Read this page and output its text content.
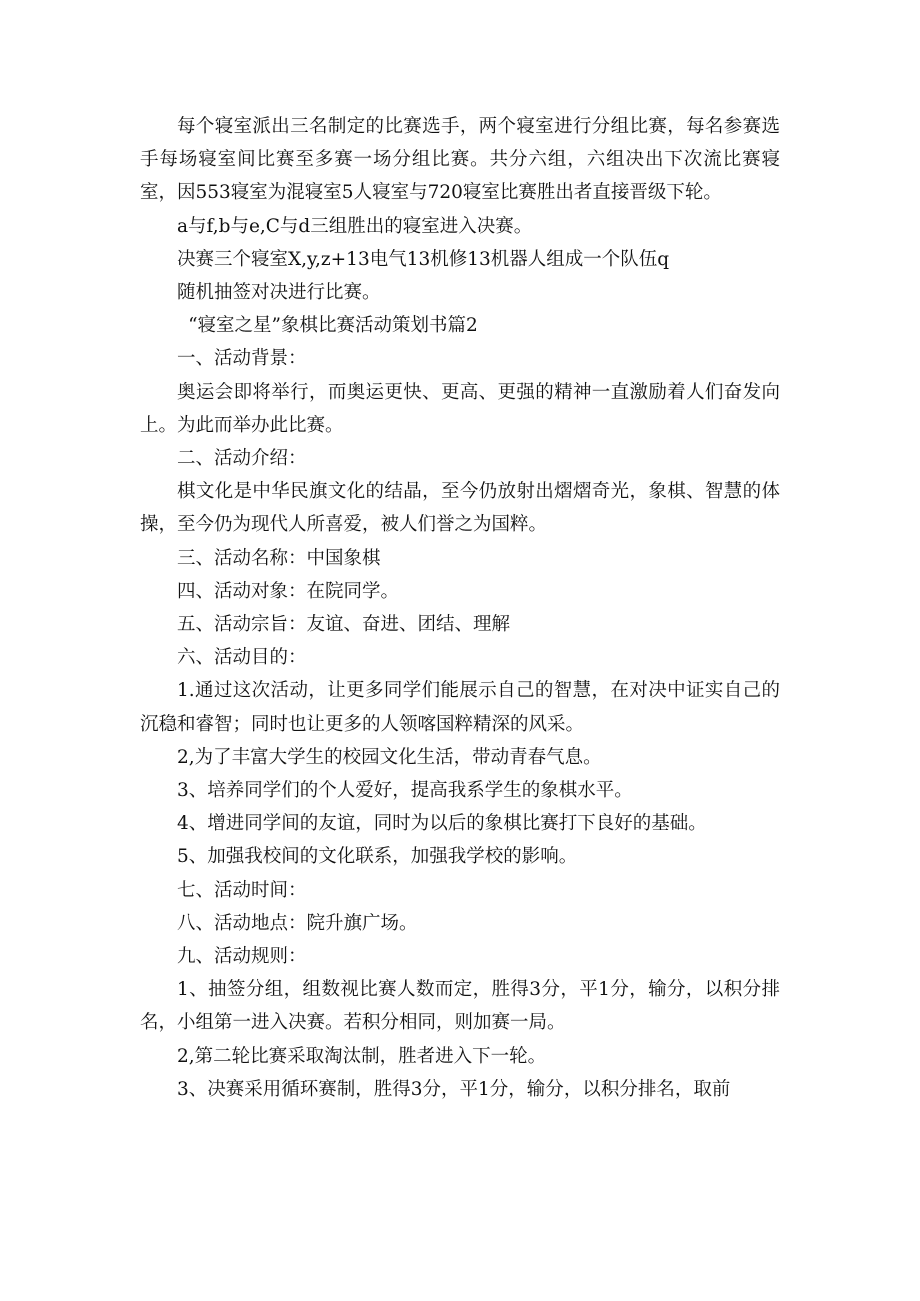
每个寝室派出三名制定的比赛选手，两个寝室进行分组比赛，每名参赛选手每场寝室间比赛至多赛一场分组比赛。共分六组，六组决出下次流比赛寝室，因553寝室为混寝室5人寝室与720寝室比赛胜出者直接晋级下轮。

a与f,b与e,C与d三组胜出的寝室进入决赛。

决赛三个寝室X,y,z+13电气13机修13机器人组成一个队伍q

随机抽签对决进行比赛。

“寝室之星”象棋比赛活动策划书篇2

一、活动背景：

奥运会即将举行，而奥运更快、更高、更强的精神一直激励着人们奋发向上。为此而举办此比赛。

二、活动介绍：

棋文化是中华民旗文化的结晶，至今仍放射出熠熠奇光，象棋、智慧的体操，至今仍为现代人所喜爱，被人们誉之为国粹。

三、活动名称：中国象棋

四、活动对象：在院同学。

五、活动宗旨：友谊、奋进、团结、理解

六、活动目的：

1.通过这次活动，让更多同学们能展示自己的智慧，在对决中证实自己的沉稳和睿智；同时也让更多的人领喀国粹精深的风采。

2,为了丰富大学生的校园文化生活，带动青春气息。

3、培养同学们的个人爱好，提高我系学生的象棋水平。

4、增进同学间的友谊，同时为以后的象棋比赛打下良好的基础。

5、加强我校间的文化联系，加强我学校的影响。

七、活动时间：

八、活动地点：院升旗广场。

九、活动规则：

1、抽签分组，组数视比赛人数而定，胜得3分，平1分，输分，以积分排名，小组第一进入决赛。若积分相同，则加赛一局。

2,第二轮比赛采取淘汰制，胜者进入下一轮。

3、决赛采用循环赛制，胜得3分，平1分，输分，以积分排名，取前
